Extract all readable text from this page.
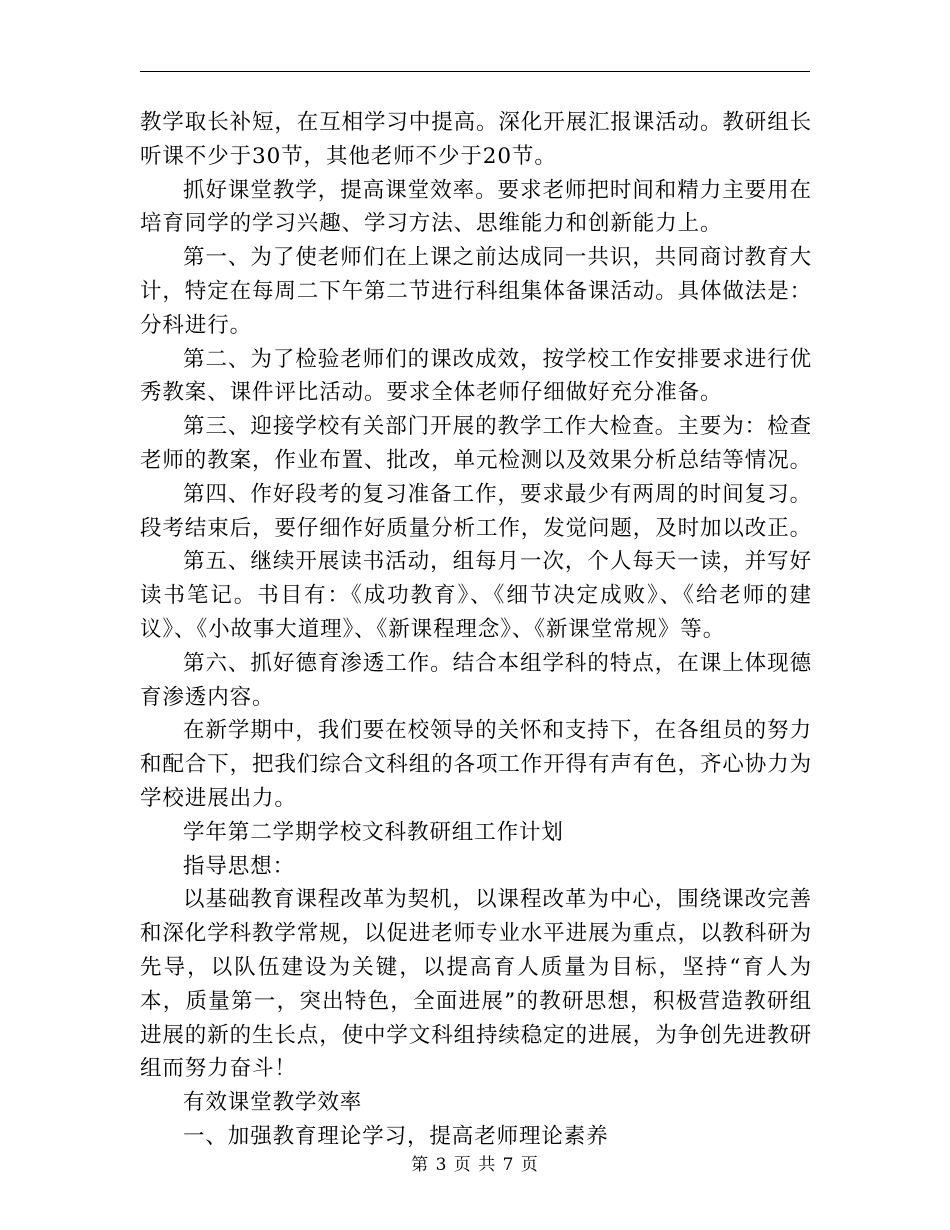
教学取长补短，在互相学习中提高。深化开展汇报课活动。教研组长听课不少于30节，其他老师不少于20节。

抓好课堂教学，提高课堂效率。要求老师把时间和精力主要用在培育同学的学习兴趣、学习方法、思维能力和创新能力上。

第一、为了使老师们在上课之前达成同一共识，共同商讨教育大计，特定在每周二下午第二节进行科组集体备课活动。具体做法是：分科进行。

第二、为了检验老师们的课改成效，按学校工作安排要求进行优秀教案、课件评比活动。要求全体老师仔细做好充分准备。

第三、迎接学校有关部门开展的教学工作大检查。主要为：检查老师的教案，作业布置、批改，单元检测以及效果分析总结等情况。

第四、作好段考的复习准备工作，要求最少有两周的时间复习。段考结束后，要仔细作好质量分析工作，发觉问题，及时加以改正。

第五、继续开展读书活动，组每月一次，个人每天一读，并写好读书笔记。书目有：《成功教育》、《细节决定成败》、《给老师的建议》、《小故事大道理》、《新课程理念》、《新课堂常规》等。

第六、抓好德育渗透工作。结合本组学科的特点，在课上体现德育渗透内容。

在新学期中，我们要在校领导的关怀和支持下，在各组员的努力和配合下，把我们综合文科组的各项工作开得有声有色，齐心协力为学校进展出力。

学年第二学期学校文科教研组工作计划

指导思想：

以基础教育课程改革为契机，以课程改革为中心，围绕课改完善和深化学科教学常规，以促进老师专业水平进展为重点，以教科研为先导，以队伍建设为关键，以提高育人质量为目标，坚持“育人为本，质量第一，突出特色，全面进展”的教研思想，积极营造教研组进展的新的生长点，使中学文科组持续稳定的进展，为争创先进教研组而努力奋斗！

有效课堂教学效率

一、加强教育理论学习，提高老师理论素养

第 3 页 共 7 页
